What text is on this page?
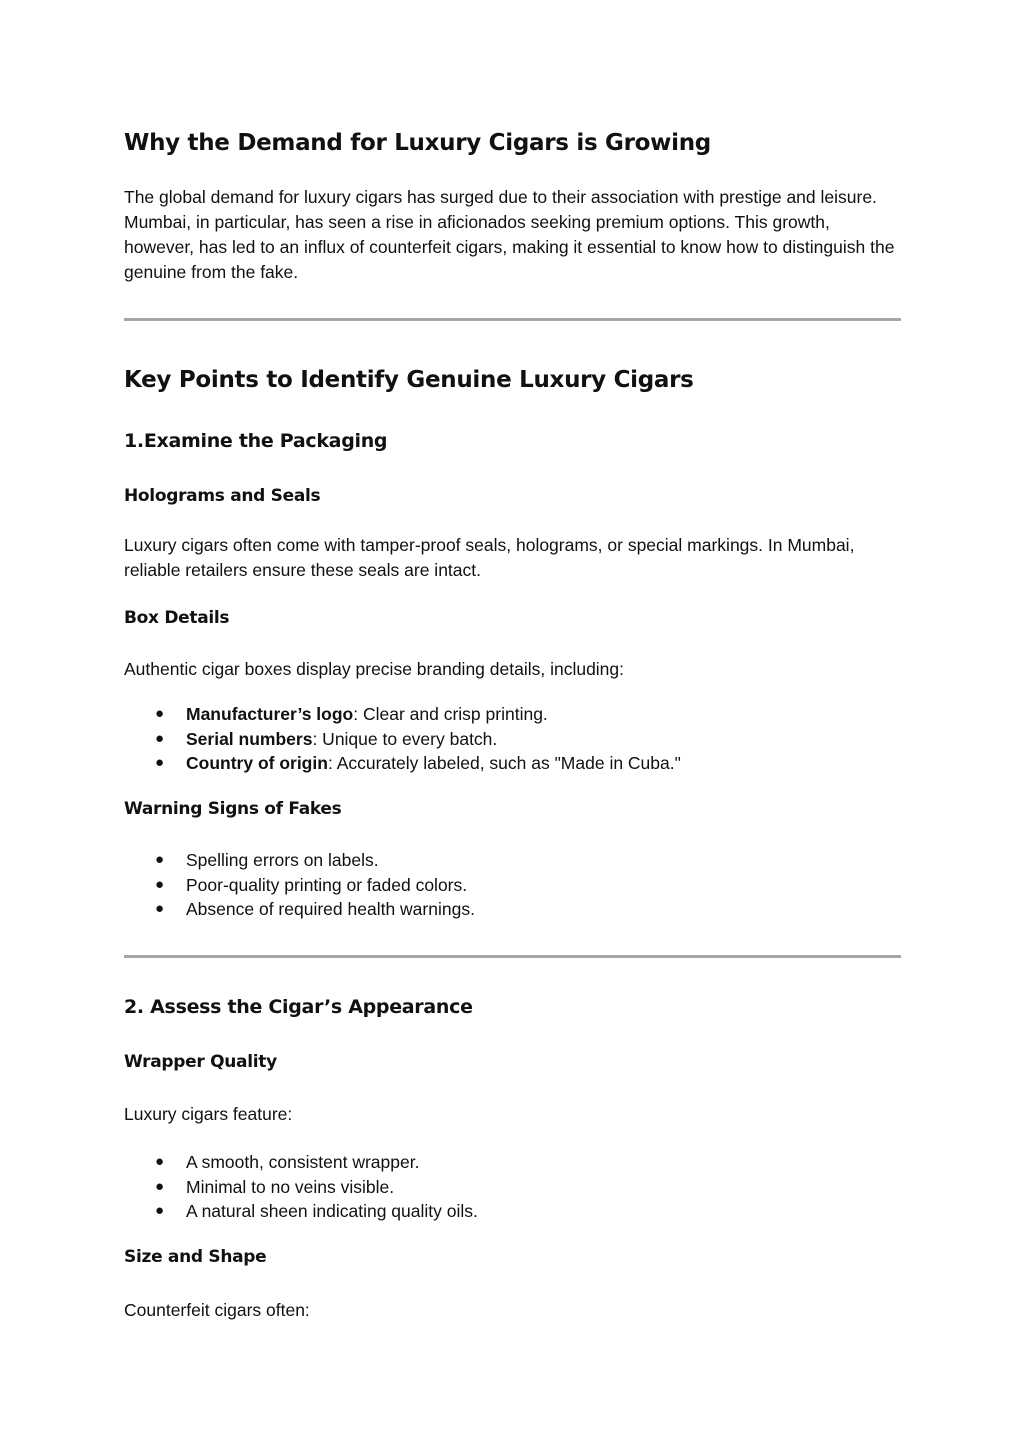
Why the Demand for Luxury Cigars is Growing

The global demand for luxury cigars has surged due to their association with prestige and leisure. Mumbai, in particular, has seen a rise in aficionados seeking premium options. This growth, however, has led to an influx of counterfeit cigars, making it essential to know how to distinguish the genuine from the fake.

Key Points to Identify Genuine Luxury Cigars
1.Examine the Packaging
Holograms and Seals

Luxury cigars often come with tamper-proof seals, holograms, or special markings. In Mumbai, reliable retailers ensure these seals are intact.

Box Details

Authentic cigar boxes display precise branding details, including:

● Manufacturer’s logo: Clear and crisp printing.
● Serial numbers: Unique to every batch.
● Country of origin: Accurately labeled, such as "Made in Cuba."
Warning Signs of Fakes
● Spelling errors on labels.
● Poor-quality printing or faded colors.
● Absence of required health warnings.
2. Assess the Cigar’s Appearance
Wrapper Quality

Luxury cigars feature:

● A smooth, consistent wrapper.
● Minimal to no veins visible.
● A natural sheen indicating quality oils.
Size and Shape

Counterfeit cigars often:
